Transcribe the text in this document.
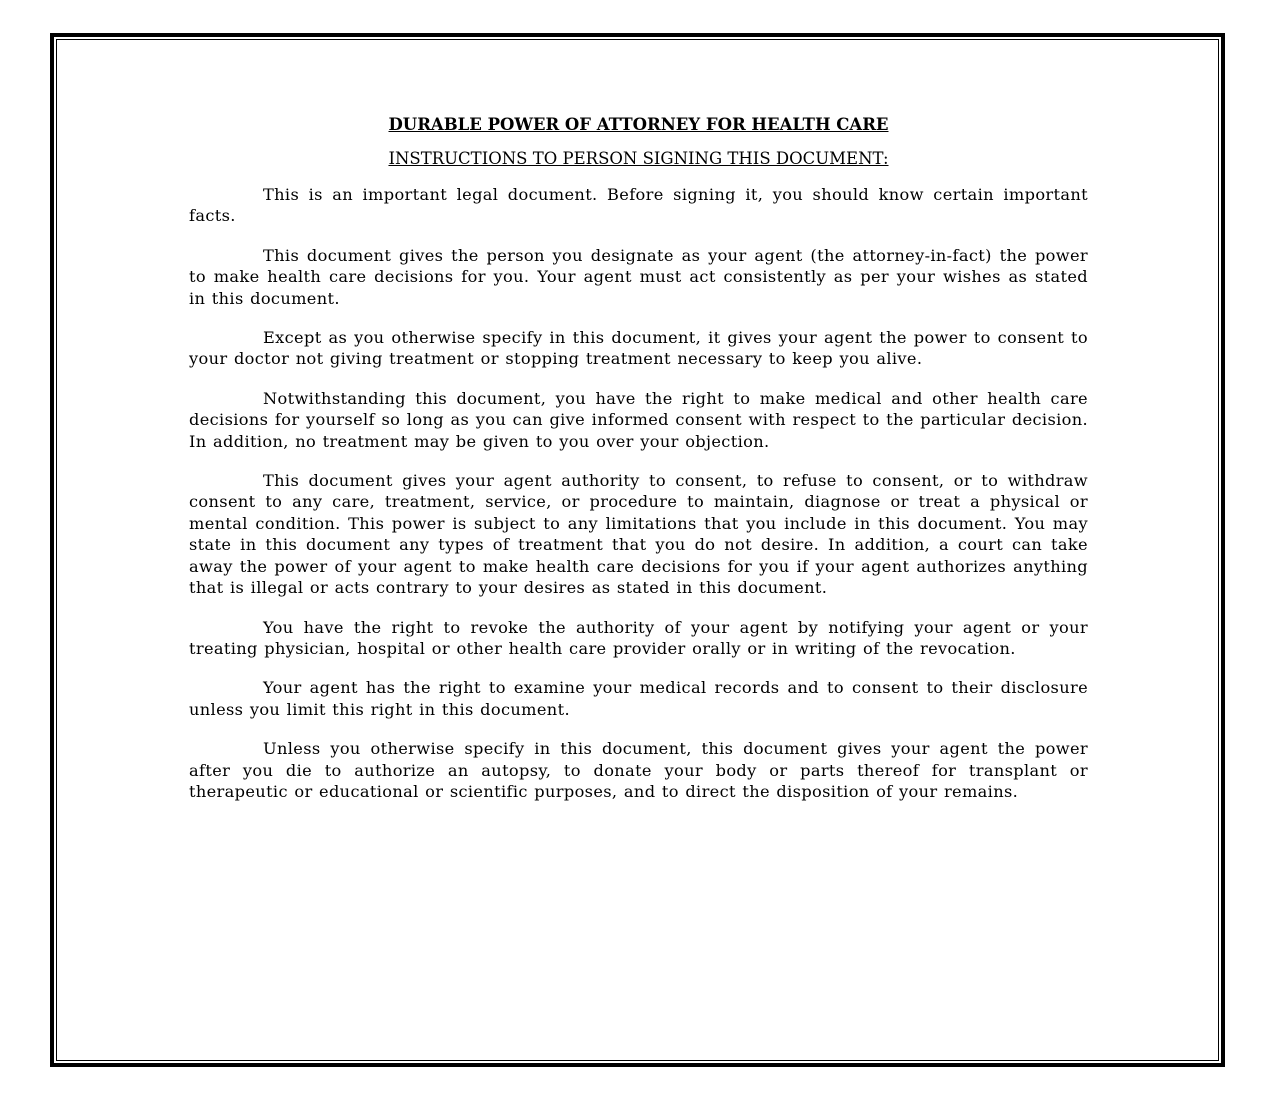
DURABLE POWER OF ATTORNEY FOR HEALTH CARE
INSTRUCTIONS TO PERSON SIGNING THIS DOCUMENT:

This is an important legal document. Before signing it, you should know certain important facts.

This document gives the person you designate as your agent (the attorney-in-fact) the power to make health care decisions for you. Your agent must act consistently as per your wishes as stated in this document.

Except as you otherwise specify in this document, it gives your agent the power to consent to your doctor not giving treatment or stopping treatment necessary to keep you alive.

Notwithstanding this document, you have the right to make medical and other health care decisions for yourself so long as you can give informed consent with respect to the particular decision. In addition, no treatment may be given to you over your objection.

This document gives your agent authority to consent, to refuse to consent, or to withdraw consent to any care, treatment, service, or procedure to maintain, diagnose or treat a physical or mental condition. This power is subject to any limitations that you include in this document. You may state in this document any types of treatment that you do not desire. In addition, a court can take away the power of your agent to make health care decisions for you if your agent authorizes anything that is illegal or acts contrary to your desires as stated in this document.

You have the right to revoke the authority of your agent by notifying your agent or your treating physician, hospital or other health care provider orally or in writing of the revocation.

Your agent has the right to examine your medical records and to consent to their disclosure unless you limit this right in this document.

Unless you otherwise specify in this document, this document gives your agent the power after you die to authorize an autopsy, to donate your body or parts thereof for transplant or therapeutic or educational or scientific purposes, and to direct the disposition of your remains.
